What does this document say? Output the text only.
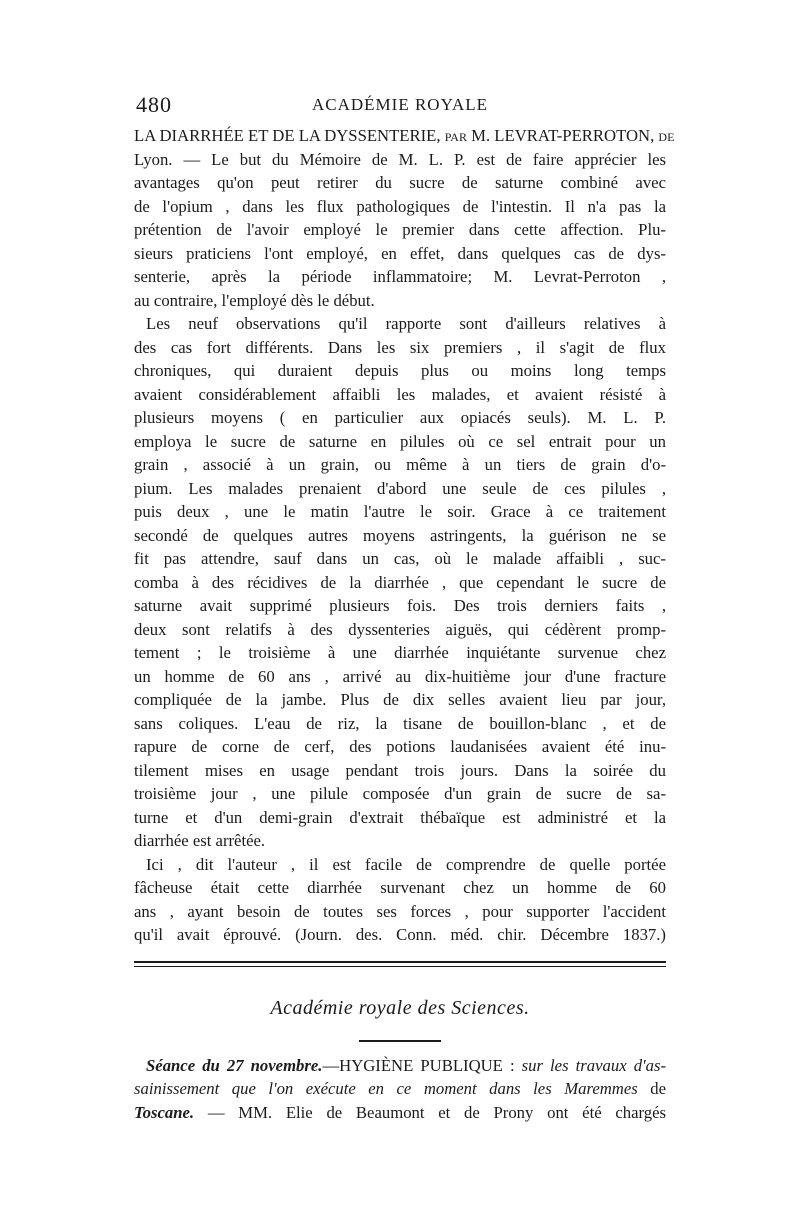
480	ACADÉMIE ROYALE
LA DIARRHÉE ET DE LA DYSSENTERIE, par M. LEVRAT-PERROTON, de
Lyon. — Le but du Mémoire de M. L. P. est de faire apprécier les
avantages qu'on peut retirer du sucre de saturne combiné avec
de l'opium , dans les flux pathologiques de l'intestin. Il n'a pas la
prétention de l'avoir employé le premier dans cette affection. Plu-
sieurs praticiens l'ont employé, en effet, dans quelques cas de dys-
senterie, après la période inflammatoire; M. Levrat-Perroton ,
au contraire, l'employé dès le début.
Les neuf observations qu'il rapporte sont d'ailleurs relatives à
des cas fort différents. Dans les six premiers , il s'agit de flux
chroniques, qui duraient depuis plus ou moins long temps
avaient considérablement affaibli les malades, et avaient résisté à
plusieurs moyens ( en particulier aux opiacés seuls). M. L. P.
employa le sucre de saturne en pilules où ce sel entrait pour un
grain , associé à un grain, ou même à un tiers de grain d'o-
pium. Les malades prenaient d'abord une seule de ces pilules ,
puis deux , une le matin l'autre le soir. Grace à ce traitement
secondé de quelques autres moyens astringents, la guérison ne se
fit pas attendre, sauf dans un cas, où le malade affaibli , suc-
comba à des récidives de la diarrhée , que cependant le sucre de
saturne avait supprimé plusieurs fois. Des trois derniers faits ,
deux sont relatifs à des dyssenteries aiguës, qui cédèrent promp-
tement ; le troisième à une diarrhée inquiétante survenue chez
un homme de 60 ans , arrivé au dix-huitième jour d'une fracture
compliquée de la jambe. Plus de dix selles avaient lieu par jour,
sans coliques. L'eau de riz, la tisane de bouillon-blanc , et de
rapure de corne de cerf, des potions laudanisées avaient été inu-
tilement mises en usage pendant trois jours. Dans la soirée du
troisième jour , une pilule composée d'un grain de sucre de sa-
turne et d'un demi-grain d'extrait thébaïque est administré et la
diarrhée est arrêtée.
Ici , dit l'auteur , il est facile de comprendre de quelle portée
fâcheuse était cette diarrhée survenant chez un homme de 60
ans , ayant besoin de toutes ses forces , pour supporter l'accident
qu'il avait éprouvé. (Journ. des. Conn. méd. chir. Décembre 1837.)
Académie royale des Sciences.
Séance du 27 novembre.—HYGIÈNE PUBLIQUE : sur les travaux d'as-
sainissement que l'on exécute en ce moment dans les Maremmes de
Toscane. — MM. Elie de Beaumont et de Prony ont été chargés
